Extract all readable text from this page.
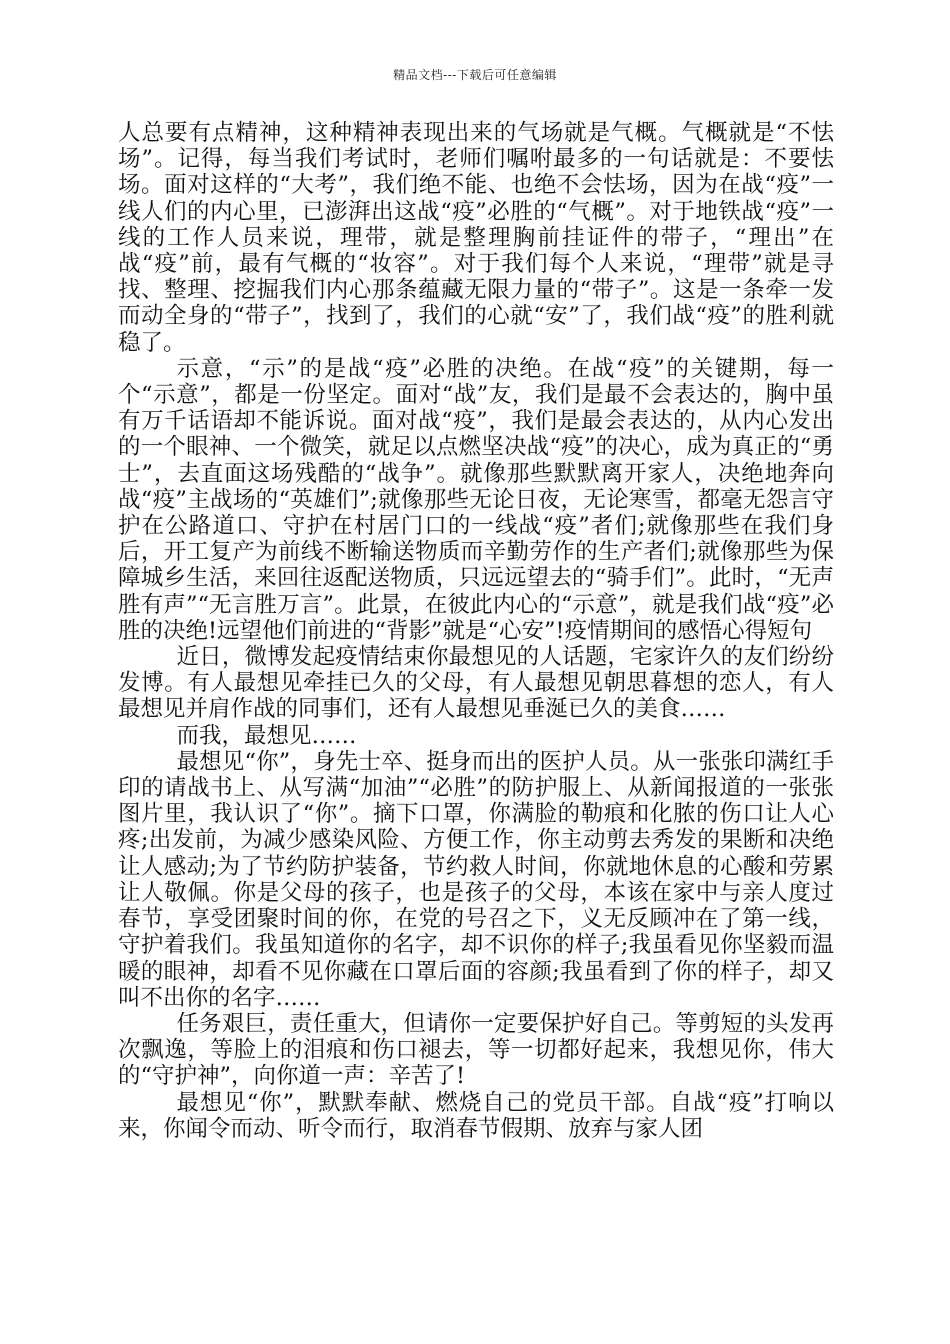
精品文档---下载后可任意编辑

人总要有点精神，这种精神表现出来的气场就是气概。气概就是“不怯场”。记得，每当我们考试时，老师们嘱咐最多的一句话就是：不要怯场。面对这样的“大考”，我们绝不能、也绝不会怯场，因为在战“疫”一线人们的内心里，已澎湃出这战“疫”必胜的“气概”。对于地铁战“疫”一线的工作人员来说，理带，就是整理胸前挂证件的带子，“理出”在战“疫”前，最有气概的“妆容”。对于我们每个人来说，“理带”就是寻找、整理、挖掘我们内心那条蕴藏无限力量的“带子”。这是一条牵一发而动全身的“带子”，找到了，我们的心就“安”了，我们战“疫”的胜利就稳了。

示意，“示”的是战“疫”必胜的决绝。在战“疫”的关键期，每一个“示意”，都是一份坚定。面对“战”友，我们是最不会表达的，胸中虽有万千话语却不能诉说。面对战“疫”，我们是最会表达的，从内心发出的一个眼神、一个微笑，就足以点燃坚决战“疫”的决心，成为真正的“勇士”，去直面这场残酷的“战争”。就像那些默默离开家人，决绝地奔向战“疫”主战场的“英雄们”;就像那些无论日夜，无论寒雪，都毫无怨言守护在公路道口、守护在村居门口的一线战“疫”者们;就像那些在我们身后，开工复产为前线不断输送物质而辛勤劳作的生产者们;就像那些为保障城乡生活，来回往返配送物质，只远远望去的“骑手们”。此时，“无声胜有声”“无言胜万言”。此景，在彼此内心的“示意”，就是我们战“疫”必胜的决绝!远望他们前进的“背影”就是“心安”!疫情期间的感悟心得短句

近日，微博发起疫情结束你最想见的人话题，宅家许久的友们纷纷发博。有人最想见牵挂已久的父母，有人最想见朝思暮想的恋人，有人最想见并肩作战的同事们，还有人最想见垂涎已久的美食……

而我，最想见……

最想见“你”，身先士卒、挺身而出的医护人员。从一张张印满红手印的请战书上、从写满“加油”“必胜”的防护服上、从新闻报道的一张张图片里，我认识了“你”。摘下口罩，你满脸的勒痕和化脓的伤口让人心疼;出发前，为减少感染风险、方便工作，你主动剪去秀发的果断和决绝让人感动;为了节约防护装备，节约救人时间，你就地休息的心酸和劳累让人敬佩。你是父母的孩子，也是孩子的父母，本该在家中与亲人度过春节，享受团聚时间的你，在党的号召之下，义无反顾冲在了第一线，守护着我们。我虽知道你的名字，却不识你的样子;我虽看见你坚毅而温暖的眼神，却看不见你藏在口罩后面的容颜;我虽看到了你的样子，却又叫不出你的名字……

任务艰巨，责任重大，但请你一定要保护好自己。等剪短的头发再次飘逸，等脸上的泪痕和伤口褪去，等一切都好起来，我想见你，伟大的“守护神”，向你道一声：辛苦了!

最想见“你”，默默奉献、燃烧自己的党员干部。自战“疫”打响以来，你闻令而动、听令而行，取消春节假期、放弃与家人团
